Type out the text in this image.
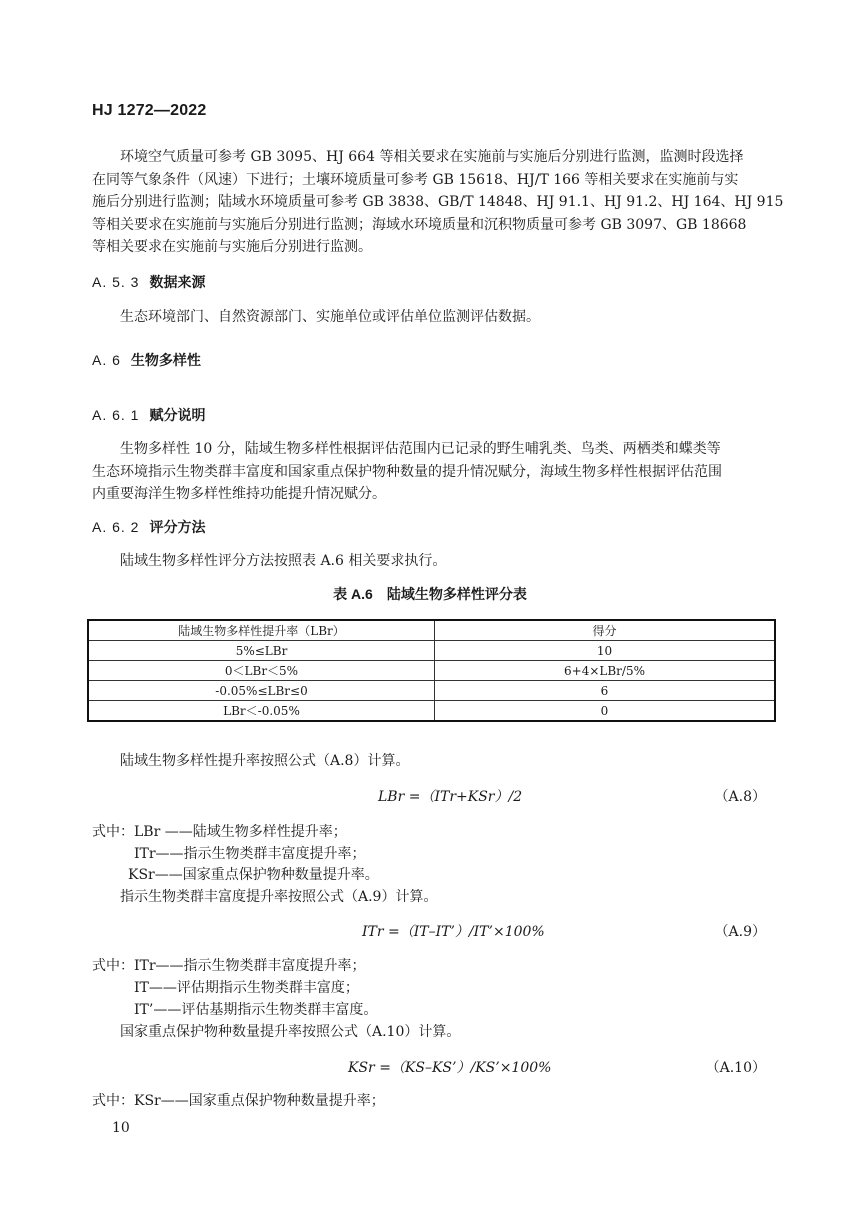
HJ 1272—2022
环境空气质量可参考 GB 3095、HJ 664 等相关要求在实施前与实施后分别进行监测，监测时段选择
在同等气象条件（风速）下进行；土壤环境质量可参考 GB 15618、HJ/T 166 等相关要求在实施前与实
施后分别进行监测；陆域水环境质量可参考 GB 3838、GB/T 14848、HJ 91.1、HJ 91.2、HJ 164、HJ 915
等相关要求在实施前与实施后分别进行监测；海域水环境质量和沉积物质量可参考 GB 3097、GB 18668
等相关要求在实施前与实施后分别进行监测。
A. 5. 3 数据来源
生态环境部门、自然资源部门、实施单位或评估单位监测评估数据。
A. 6 生物多样性
A. 6. 1 赋分说明
生物多样性 10 分，陆域生物多样性根据评估范围内已记录的野生哺乳类、鸟类、两栖类和蝶类等
生态环境指示生物类群丰富度和国家重点保护物种数量的提升情况赋分，海域生物多样性根据评估范围
内重要海洋生物多样性维持功能提升情况赋分。
A. 6. 2 评分方法
陆域生物多样性评分方法按照表 A.6 相关要求执行。
表 A.6　陆域生物多样性评分表
陆域生物多样性提升率（LBr）	得分
5%≤LBr	10
0＜LBr＜5%	6+4×LBr/5%
-0.05%≤LBr≤0	6
LBr＜-0.05%	0
陆域生物多样性提升率按照公式（A.8）计算。
LBr =（ITr+KSr）/2	（A.8）
式中：LBr ——陆域生物多样性提升率；
ITr——指示生物类群丰富度提升率；
KSr——国家重点保护物种数量提升率。
指示生物类群丰富度提升率按照公式（A.9）计算。
ITr =（IT–IT’）/IT’×100%	（A.9）
式中：ITr——指示生物类群丰富度提升率；
IT——评估期指示生物类群丰富度；
IT’——评估基期指示生物类群丰富度。
国家重点保护物种数量提升率按照公式（A.10）计算。
KSr =（KS–KS’）/KS’×100%	（A.10）
式中：KSr——国家重点保护物种数量提升率；
10
